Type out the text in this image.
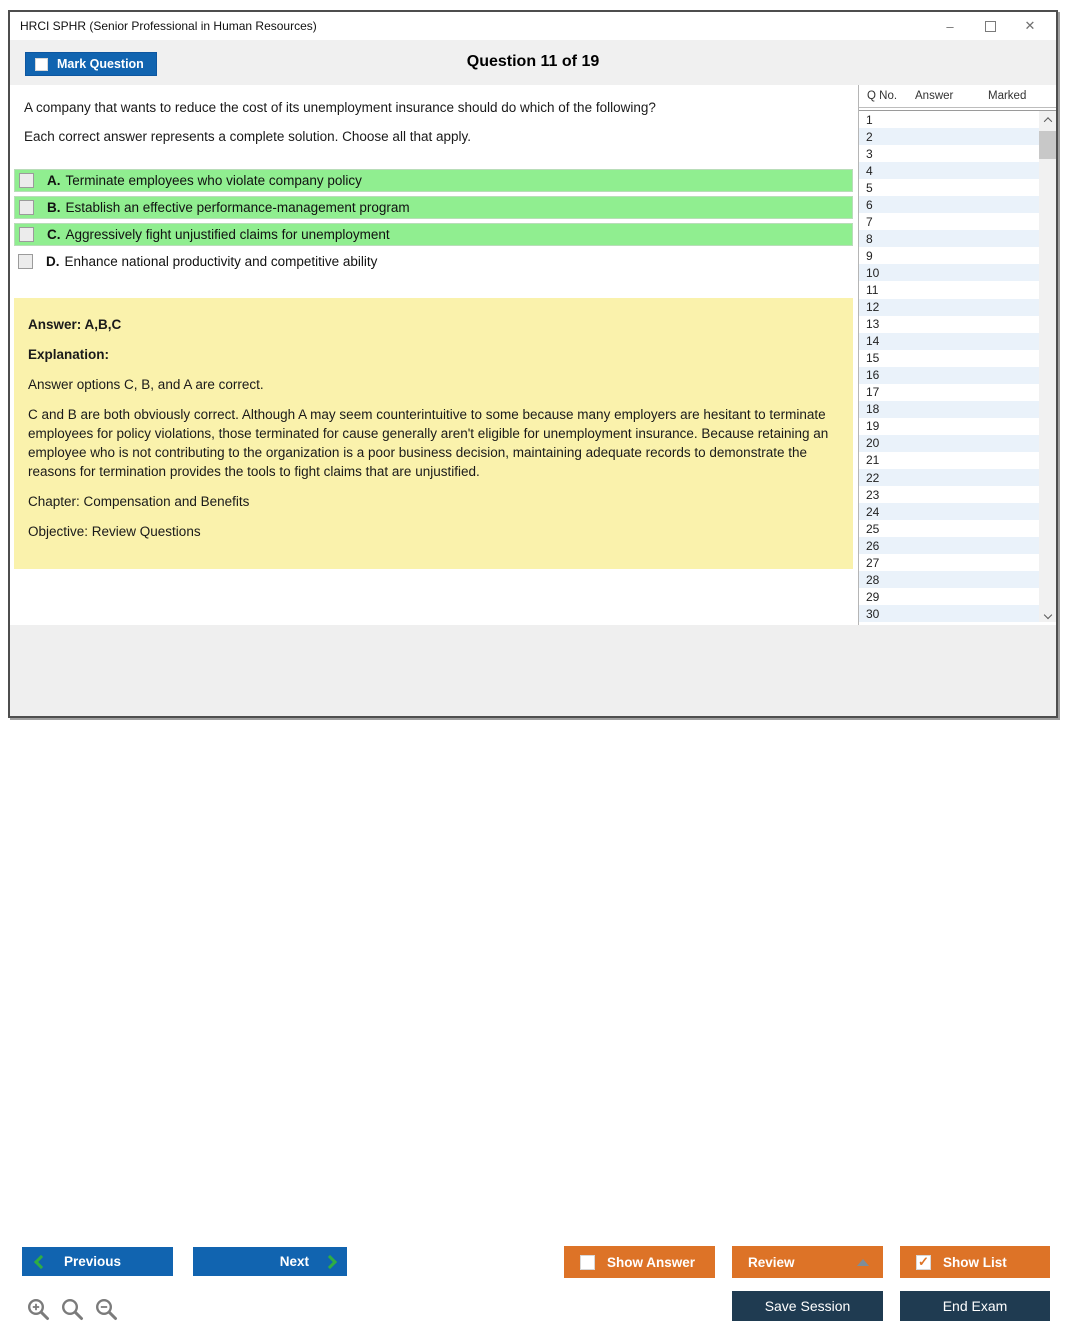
HRCI SPHR (Senior Professional in Human Resources)	–	✕
Question 11 of 19
Mark Question

A company that wants to reduce the cost of its unemployment insurance should do which of the following?

Each correct answer represents a complete solution. Choose all that apply.

A. Terminate employees who violate company policy
B. Establish an effective performance-management program
C. Aggressively fight unjustified claims for unemployment
D. Enhance national productivity and competitive ability

Answer: A,B,C

Explanation:

Answer options C, B, and A are correct.

C and B are both obviously correct. Although A may seem counterintuitive to some because many employers are hesitant to terminate employees for policy violations, those terminated for cause generally aren't eligible for unemployment insurance. Because retaining an employee who is not contributing to the organization is a poor business decision, maintaining adequate records to demonstrate the reasons for termination provides the tools to fight claims that are unjustified.

Chapter: Compensation and Benefits

Objective: Review Questions

Q No.	Answer	Marked
1
2
3
4
5
6
7
8
9
10
11
12
13
14
15
16
17
18
19
20
21
22
23
24
25
26
27
28
29
30
Previous	Next	Show Answer	Review ✓	Show List
Save Session	End Exam
